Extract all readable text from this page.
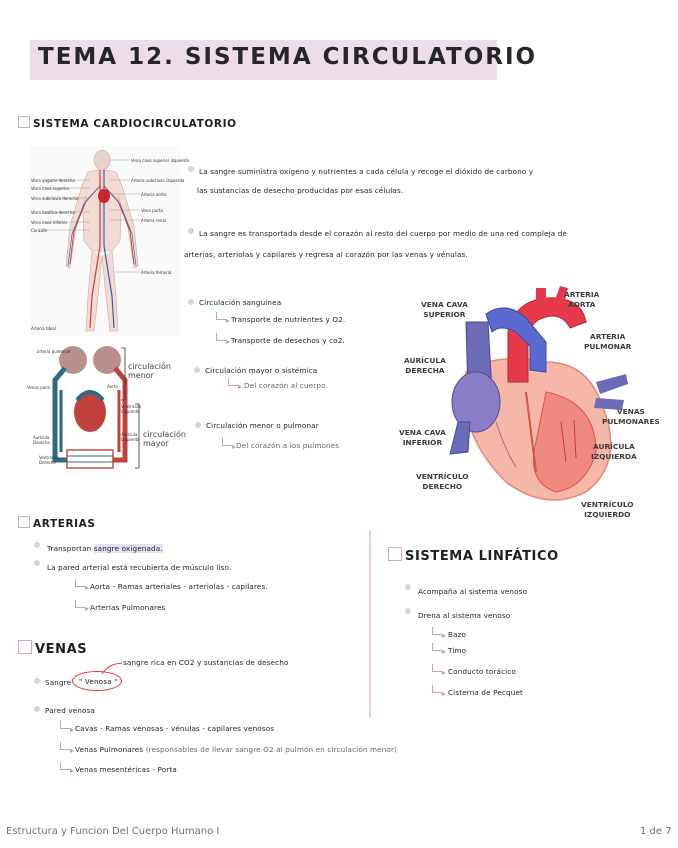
TEMA 12. SISTEMA CIRCULATORIO
SISTEMA CARDIOCIRCULATORIO
Vena cava superior izquierda
Arteria subclavia izquierda
Arteria aorta
Vena yugular derecha
Vena cava superior
Vena subclavia derecha
Vena porta
Vena basílica derecha
Vena cava inferior	Arteria renal
Corazón
Arteria femoral
Arteria tibial
La sangre suministra oxígeno y nutrientes a cada célula y recoge el dióxido de carbono y
las sustancias de desecho producidas por esas células.
La sangre es transportada desde el corazón al resto del cuerpo por medio de una red compleja de
arterias, arteriolas y capilares y regresa al corazón por las venas y vénulas.
circulación
menor
circulación
mayor
arteria pulmonar
Venas pulm.	Aorta
Ventrículo
Izquierdo
Aurícula
Derecha
Ventrículo
Derecho
Aurícula
Izquierda
Circulación sanguínea
Transporte de nutrientes y O2.
Transporte de desechos y co2.
Circulación mayor o sistémica
Del corazón al cuerpo.
Circulación menor o pulmonar
Del corazón a los pulmones
VENA CAVA
SUPERIOR
ARTERIA
AORTA
ARTERIA
PULMONAR
AURÍCULA
DERECHA
VENAS
PULMONARES
VENA CAVA
INFERIOR	AURÍCULA
IZQUIERDA
VENTRÍCULO
DERECHO
VENTRÍCULO
IZQUIERDO
ARTERIAS
Transportan sangre oxigenada.
La pared arterial está recubierta de músculo liso.
Aorta - Ramas arteriales - arteriolas - capilares.
Arterias Pulmonares
VENAS
sangre rica en CO2 y sustancias de desecho
Sangre " Venosa "
Pared venosa
Cavas - Ramas venosas - vénulas - capilares venosos
Venas Pulmonares (responsables de llevar sangre O2 al pulmón en circulación menor)
Venas mesentéricas - Porta
SISTEMA LINFÁTICO
Acompaña al sistema venoso
Drena al sistema venoso
Bazo
Timo
Conducto torácico
Cisterna de Pecquet
Estructura y Funcion Del Cuerpo Humano I	1 de 7
